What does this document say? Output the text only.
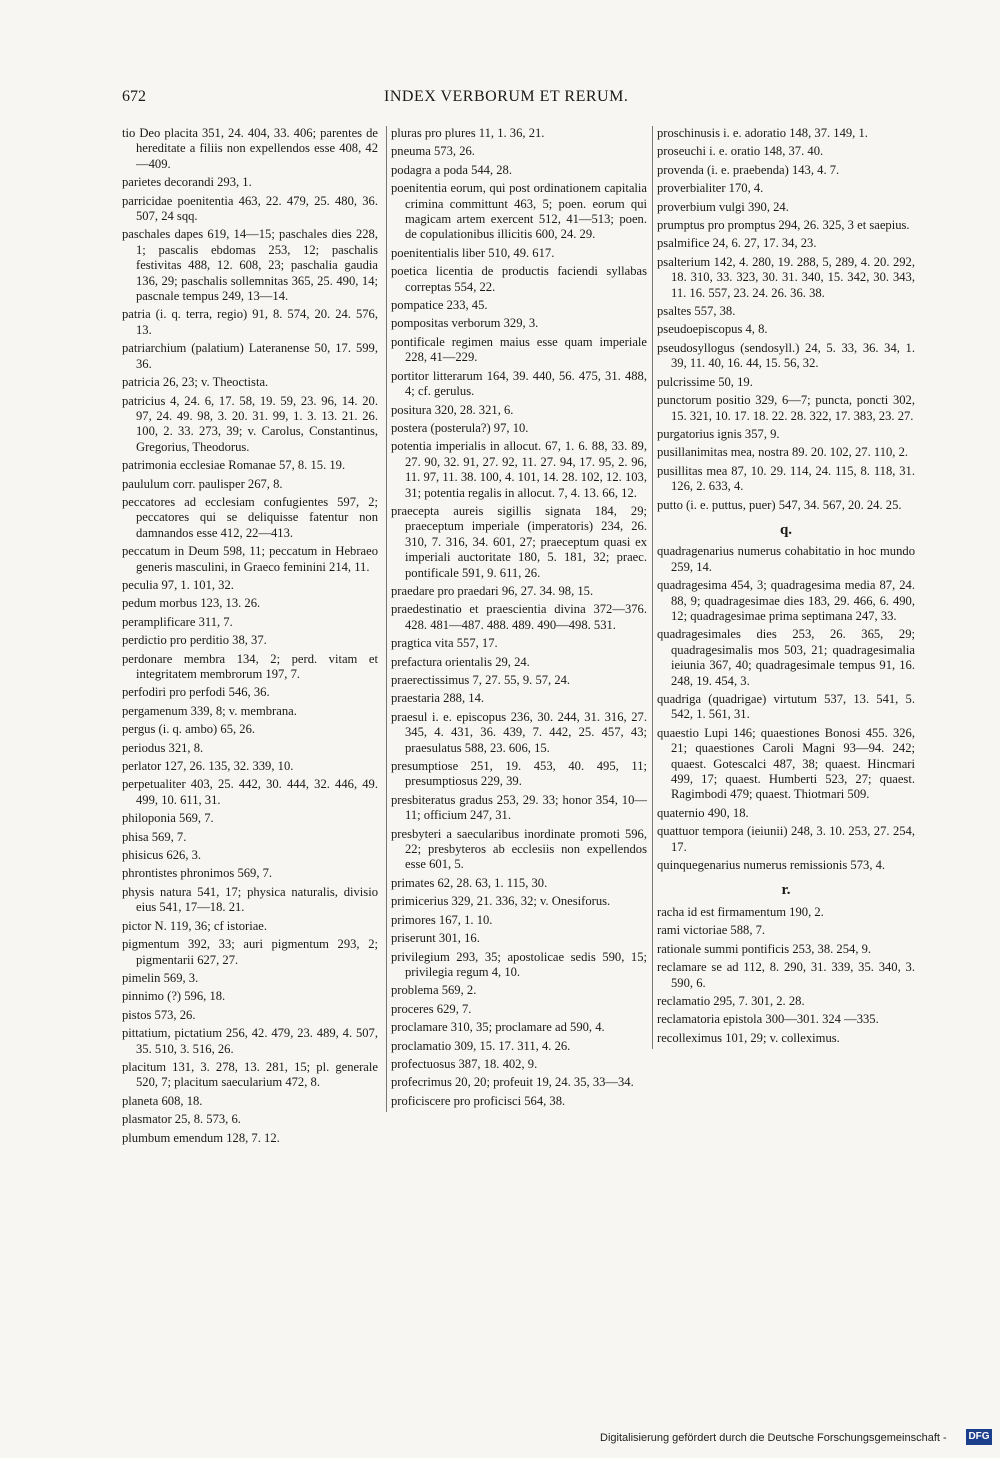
672	INDEX VERBORUM ET RERUM.
tio Deo placita 351, 24. 404, 33. 406; parentes de hereditate a filiis non expellendos esse 408, 42—409.
parietes decorandi 293, 1.
parricidae poenitentia 463, 22. 479, 25. 480, 36. 507, 24 sqq.
paschales dapes 619, 14—15; paschales dies 228, 1; pascalis ebdomas 253, 12; paschalis festivitas 488, 12. 608, 23; paschalia gaudia 136, 29; paschalis sollemnitas 365, 25. 490, 14; pascnale tempus 249, 13—14.
patria (i. q. terra, regio) 91, 8. 574, 20. 24. 576, 13.
patriarchium (palatium) Lateranense 50, 17. 599, 36.
patricia 26, 23; v. Theoctista.
patricius 4, 24. 6, 17. 58, 19. 59, 23. 96, 14. 20. 97, 24. 49. 98, 3. 20. 31. 99, 1. 3. 13. 21. 26. 100, 2. 33. 273, 39; v. Carolus, Constantinus, Gregorius, Theodorus.
patrimonia ecclesiae Romanae 57, 8. 15. 19.
paululum corr. paulisper 267, 8.
peccatores ad ecclesiam confugientes 597, 2; peccatores qui se deliquisse fatentur non damnandos esse 412, 22—413.
peccatum in Deum 598, 11; peccatum in Hebraeo generis masculini, in Graeco feminini 214, 11.
peculia 97, 1. 101, 32.
pedum morbus 123, 13. 26.
peramplificare 311, 7.
perdictio pro perditio 38, 37.
perdonare membra 134, 2; perd. vitam et integritatem membrorum 197, 7.
perfodiri pro perfodi 546, 36.
pergamenum 339, 8; v. membrana.
pergus (i. q. ambo) 65, 26.
periodus 321, 8.
perlator 127, 26. 135, 32. 339, 10.
perpetualiter 403, 25. 442, 30. 444, 32. 446, 49. 499, 10. 611, 31.
philoponia 569, 7.
phisa 569, 7.
phisicus 626, 3.
phrontistes phronimos 569, 7.
physis natura 541, 17; physica naturalis, divisio eius 541, 17—18. 21.
pictor N. 119, 36; cf istoriae.
pigmentum 392, 33; auri pigmentum 293, 2; pigmentarii 627, 27.
pimelin 569, 3.
pinnimo (?) 596, 18.
pistos 573, 26.
pittatium, pictatium 256, 42. 479, 23. 489, 4. 507, 35. 510, 3. 516, 26.
placitum 131, 3. 278, 13. 281, 15; pl. generale 520, 7; placitum saecularium 472, 8.
planeta 608, 18.
plasmator 25, 8. 573, 6.
plumbum emendum 128, 7. 12.
pluras pro plures 11, 1. 36, 21.
pneuma 573, 26.
podagra a poda 544, 28.
poenitentia eorum, qui post ordinationem capitalia crimina committunt 463, 5; poen. eorum qui magicam artem exercent 512, 41—513; poen. de copulationibus illicitis 600, 24. 29.
poenitentialis liber 510, 49. 617.
poetica licentia de productis faciendi syllabas correptas 554, 22.
pompatice 233, 45.
pompositas verborum 329, 3.
pontificale regimen maius esse quam imperiale 228, 41—229.
portitor litterarum 164, 39. 440, 56. 475, 31. 488, 4; cf. gerulus.
positura 320, 28. 321, 6.
postera (posterula?) 97, 10.
potentia imperialis in allocut. 67, 1. 6. 88, 33. 89, 27. 90, 32. 91, 27. 92, 11. 27. 94, 17. 95, 2. 96, 11. 97, 11. 38. 100, 4. 101, 14. 28. 102, 12. 103, 31; potentia regalis in allocut. 7, 4. 13. 66, 12.
praecepta aureis sigillis signata 184, 29; praeceptum imperiale (imperatoris) 234, 26. 310, 7. 316, 34. 601, 27; praeceptum quasi ex imperiali auctoritate 180, 5. 181, 32; praec. pontificale 591, 9. 611, 26.
praedare pro praedari 96, 27. 34. 98, 15.
praedestinatio et praescientia divina 372—376. 428. 481—487. 488. 489. 490—498. 531.
pragtica vita 557, 17.
prefactura orientalis 29, 24.
praerectissimus 7, 27. 55, 9. 57, 24.
praestaria 288, 14.
praesul i. e. episcopus 236, 30. 244, 31. 316, 27. 345, 4. 431, 36. 439, 7. 442, 25. 457, 43; praesulatus 588, 23. 606, 15.
presumptiose 251, 19. 453, 40. 495, 11; presumptiosus 229, 39.
presbiteratus gradus 253, 29. 33; honor 354, 10—11; officium 247, 31.
presbyteri a saecularibus inordinate promoti 596, 22; presbyteros ab ecclesiis non expellendos esse 601, 5.
primates 62, 28. 63, 1. 115, 30.
primicerius 329, 21. 336, 32; v. Onesiforus.
primores 167, 1. 10.
priserunt 301, 16.
privilegium 293, 35; apostolicae sedis 590, 15; privilegia regum 4, 10.
problema 569, 2.
proceres 629, 7.
proclamare 310, 35; proclamare ad 590, 4.
proclamatio 309, 15. 17. 311, 4. 26.
profectuosus 387, 18. 402, 9.
profecrimus 20, 20; profeuit 19, 24. 35, 33—34.
proficiscere pro proficisci 564, 38.
proschinusis i. e. adoratio 148, 37. 149, 1.
proseuchi i. e. oratio 148, 37. 40.
provenda (i. e. praebenda) 143, 4. 7.
proverbialiter 170, 4.
proverbium vulgi 390, 24.
prumptus pro promptus 294, 26. 325, 3 et saepius.
psalmifice 24, 6. 27, 17. 34, 23.
psalterium 142, 4. 280, 19. 288, 5, 289, 4. 20. 292, 18. 310, 33. 323, 30. 31. 340, 15. 342, 30. 343, 11. 16. 557, 23. 24. 26. 36. 38.
psaltes 557, 38.
pseudoepiscopus 4, 8.
pseudosyllogus (sendosyll.) 24, 5. 33, 36. 34, 1. 39, 11. 40, 16. 44, 15. 56, 32.
pulcrissime 50, 19.
punctorum positio 329, 6—7; puncta, poncti 302, 15. 321, 10. 17. 18. 22. 28. 322, 17. 383, 23. 27.
purgatorius ignis 357, 9.
pusillanimitas mea, nostra 89. 20. 102, 27. 110, 2.
pusillitas mea 87, 10. 29. 114, 24. 115, 8. 118, 31. 126, 2. 633, 4.
putto (i. e. puttus, puer) 547, 34. 567, 20. 24. 25.
q.
quadragenarius numerus cohabitatio in hoc mundo 259, 14.
quadragesima 454, 3; quadragesima media 87, 24. 88, 9; quadragesimae dies 183, 29. 466, 6. 490, 12; quadragesimae prima septimana 247, 33.
quadragesimales dies 253, 26. 365, 29; quadragesimalis mos 503, 21; quadragesimalia ieiunia 367, 40; quadragesimale tempus 91, 16. 248, 19. 454, 3.
quadriga (quadrigae) virtutum 537, 13. 541, 5. 542, 1. 561, 31.
quaestio Lupi 146; quaestiones Bonosi 455. 326, 21; quaestiones Caroli Magni 93—94. 242; quaest. Gotescalci 487, 38; quaest. Hincmari 499, 17; quaest. Humberti 523, 27; quaest. Ragimbodi 479; quaest. Thiotmari 509.
quaternio 490, 18.
quattuor tempora (ieiunii) 248, 3. 10. 253, 27. 254, 17.
quinquegenarius numerus remissionis 573, 4.
r.
racha id est firmamentum 190, 2.
rami victoriae 588, 7.
rationale summi pontificis 253, 38. 254, 9.
reclamare se ad 112, 8. 290, 31. 339, 35. 340, 3. 590, 6.
reclamatio 295, 7. 301, 2. 28.
reclamatoria epistola 300—301. 324 —335.
recolleximus 101, 29; v. colleximus.
Digitalisierung gefördert durch die Deutsche Forschungsgemeinschaft - DFG
